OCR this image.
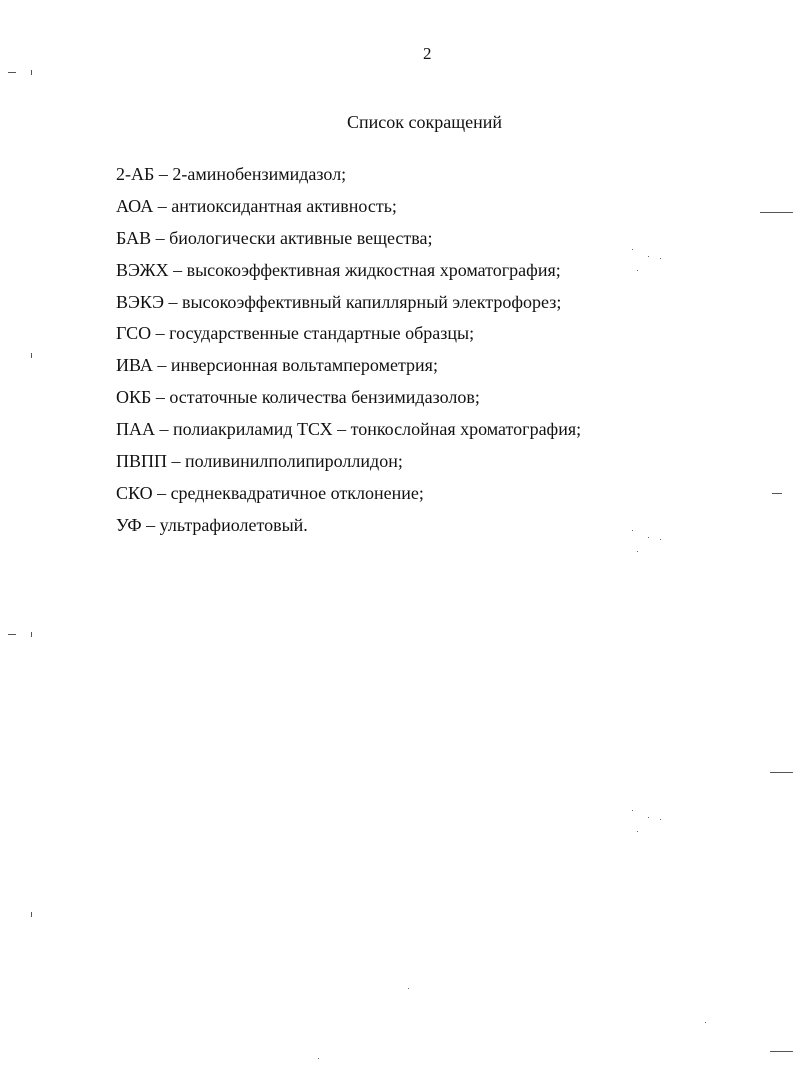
2
Список сокращений
2-АБ – 2-аминобензимидазол;
АОА – антиоксидантная активность;
БАВ – биологически активные вещества;
ВЭЖХ – высокоэффективная жидкостная хроматография;
ВЭКЭ – высокоэффективный капиллярный электрофорез;
ГСО – государственные стандартные образцы;
ИВА – инверсионная вольтамперометрия;
ОКБ – остаточные количества бензимидазолов;
ПАА – полиакриламид ТСХ – тонкослойная хроматография;
ПВПП – поливинилполипироллидон;
СКО – среднеквадратичное отклонение;
УФ – ультрафиолетовый.
